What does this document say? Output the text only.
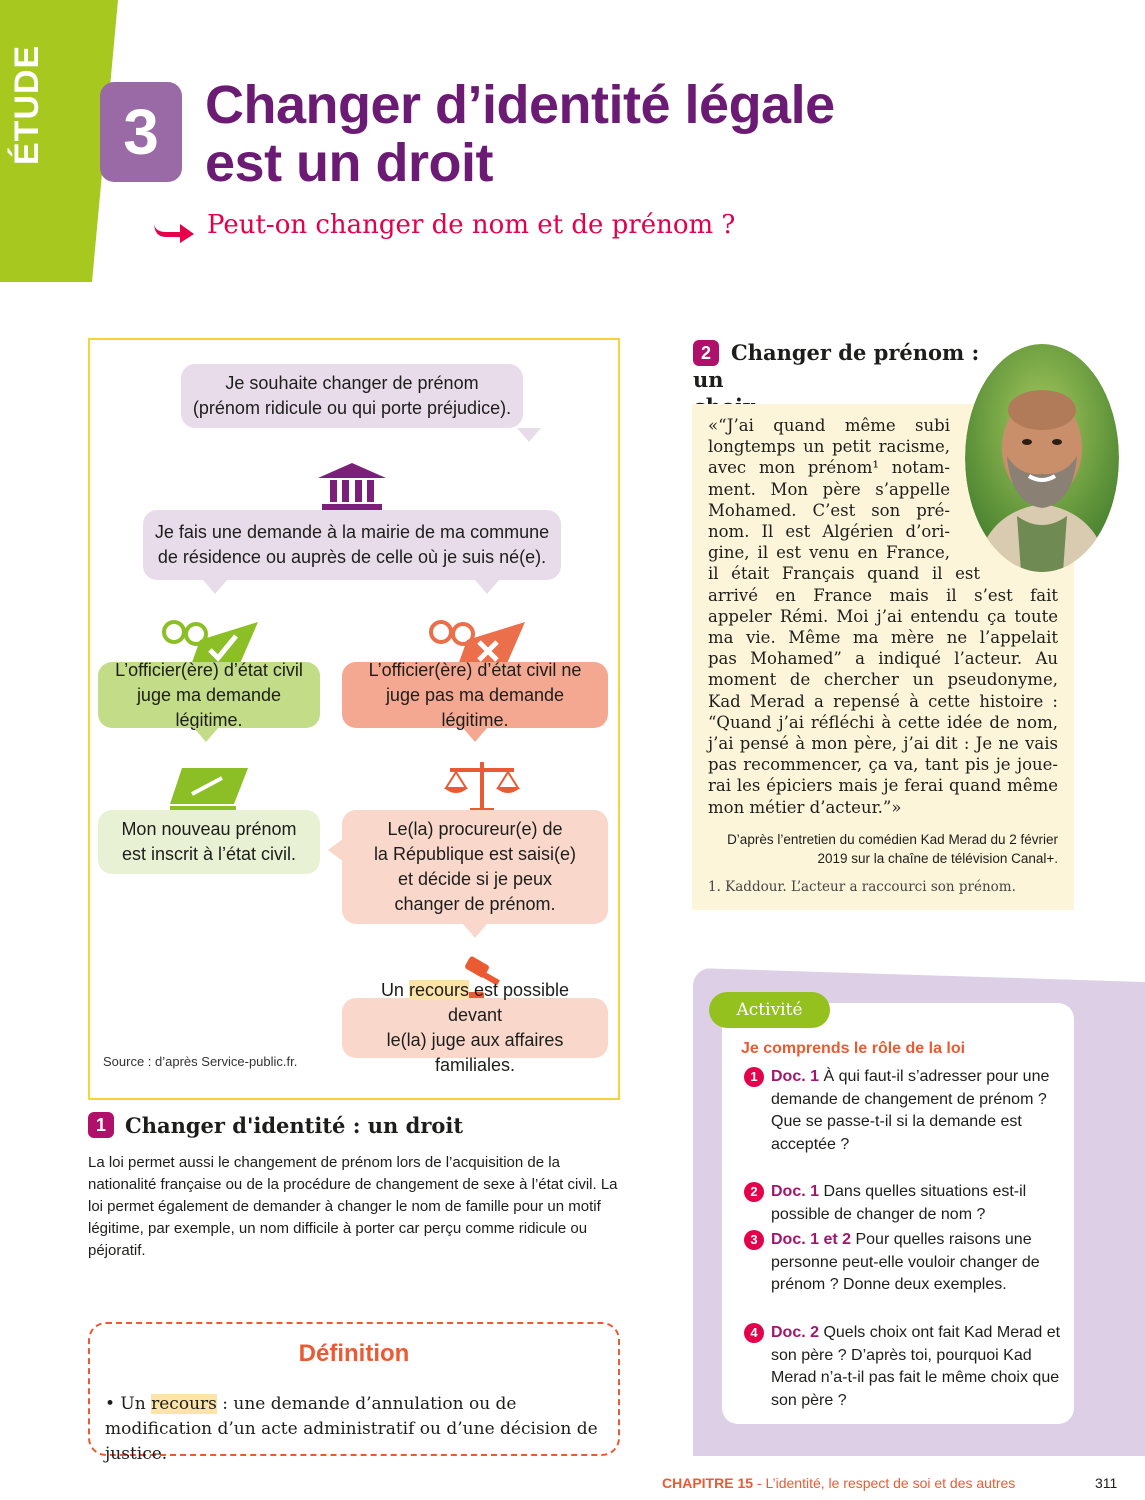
ÉTUDE	3 Changer d’identité légale
est un droit
Peut-on changer de nom et de prénom ?
Je souhaite changer de prénom
(prénom ridicule ou qui porte préjudice).
Je fais une demande à la mairie de ma commune
de résidence ou auprès de celle où je suis né(e).
L’officier(ère) d’état civil
juge ma demande légitime.
L’officier(ère) d’état civil ne
juge pas ma demande légitime.
Mon nouveau prénom
est inscrit à l’état civil.
Le(la) procureur(e) de
la République est saisi(e)
et décide si je peux
changer de prénom.
Un recours est possible devant
le(la) juge aux affaires familiales.
Source : d’après Service-public.fr.
1 Changer d'identité : un droit
La loi permet aussi le changement de prénom lors de l’acquisition de la nationalité française ou de la procédure de changement de sexe à l’état civil. La loi permet également de demander à changer le nom de famille pour un motif légitime, par exemple, un nom difficile à porter car perçu comme ridicule ou péjoratif.
Définition
• Un recours : une demande d’annulation ou de modification d’un acte administratif ou d’une décision de justice.
2 Changer de prénom : un

«“J’ai quand même subi
longtemps un petit racisme,
avec mon prénom¹ notam-
ment. Mon père s’appelle
Mohamed. C’est son pré-
nom. Il est Algérien d’ori-
gine, il est venu en France,
il était Français quand il est
arrivé en France mais il s’est fait
appeler Rémi. Moi j’ai entendu ça toute
ma vie. Même ma mère ne l’appelait
pas Mohamed” a indiqué l’acteur. Au
moment de chercher un pseudonyme,
Kad Merad a repensé à cette histoire :
“Quand j’ai réfléchi à cette idée de nom,
j’ai pensé à mon père, j’ai dit : Je ne vais
pas recommencer, ça va, tant pis je joue-
rai les épiciers mais je ferai quand même
mon métier d’acteur.”»
D’après l’entretien du comédien Kad Merad du 2 février
2019 sur la chaîne de télévision Canal+.
1. Kaddour. L’acteur a raccourci son prénom.
Activité
Je comprends le rôle de la loi
1 Doc. 1 À qui faut-il s’adresser pour une demande de changement de prénom ? Que se passe-t-il si la demande est acceptée ?
2 Doc. 1 Dans quelles situations est-il possible de changer de nom ?
3 Doc. 1 et 2 Pour quelles raisons une personne peut-elle vouloir changer de prénom ? Donne deux exemples.
4 Doc. 2 Quels choix ont fait Kad Merad et son père ? D’après toi, pourquoi Kad Merad n’a-t-il pas fait le même choix que son père ?
CHAPITRE 15 - L’identité, le respect de soi et des autres	311
